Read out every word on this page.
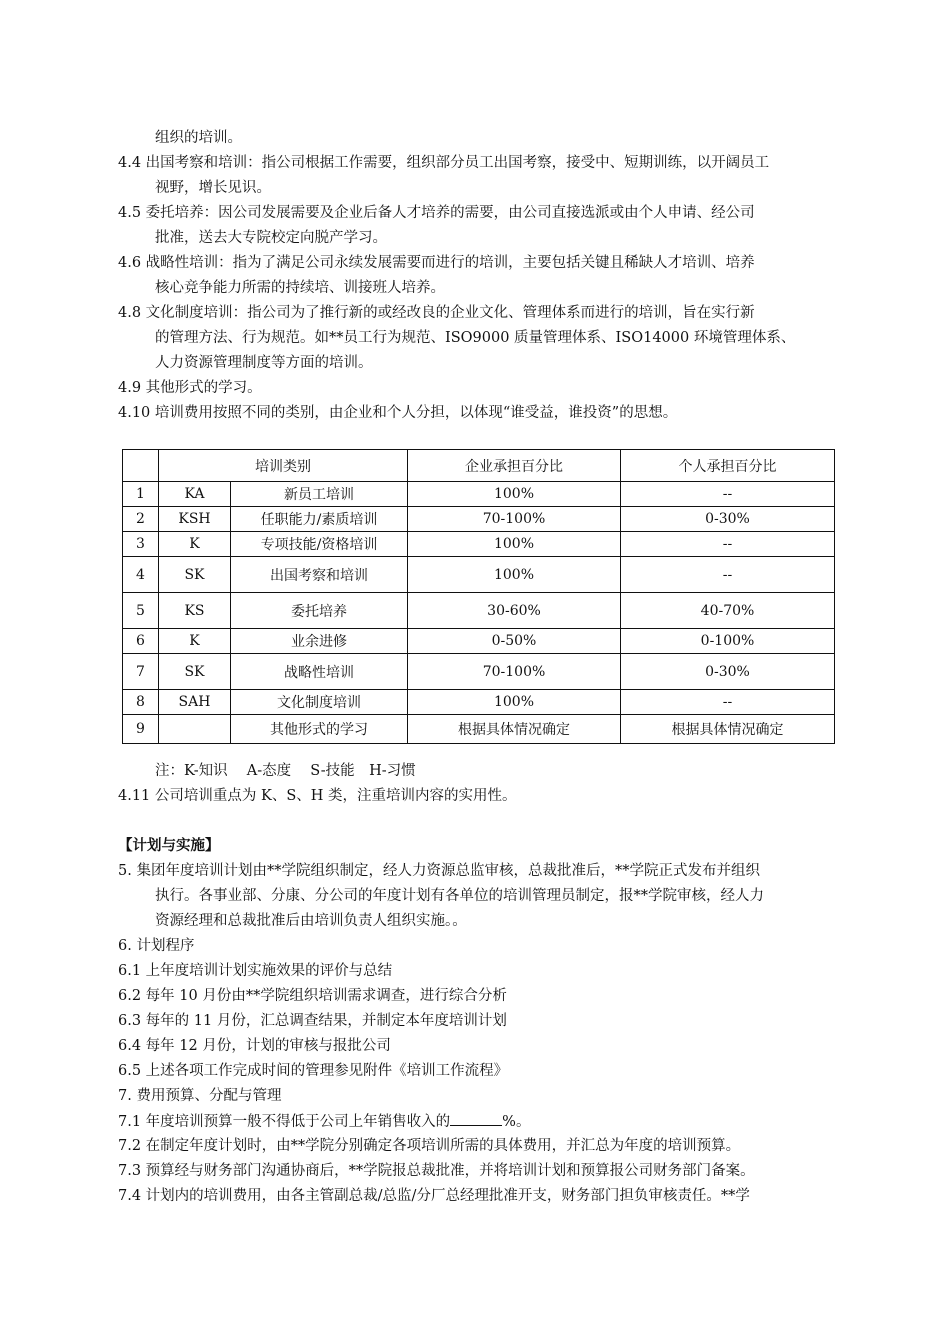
组织的培训。
4.4 出国考察和培训：指公司根据工作需要，组织部分员工出国考察，接受中、短期训练，以开阔员工
视野，增长见识。
4.5 委托培养：因公司发展需要及企业后备人才培养的需要，由公司直接选派或由个人申请、经公司
批准，送去大专院校定向脱产学习。
4.6 战略性培训：指为了满足公司永续发展需要而进行的培训，主要包括关键且稀缺人才培训、培养
核心竞争能力所需的持续培、训接班人培养。
4.8 文化制度培训：指公司为了推行新的或经改良的企业文化、管理体系而进行的培训，旨在实行新
的管理方法、行为规范。如**员工行为规范、ISO9000 质量管理体系、ISO14000 环境管理体系、
人力资源管理制度等方面的培训。
4.9 其他形式的学习。
4.10 培训费用按照不同的类别，由企业和个人分担，以体现“谁受益，谁投资”的思想。
	培训类别		企业承担百分比	个人承担百分比
1	KA	新员工培训	100%	--
2	KSH	任职能力/素质培训	70-100%	0-30%
3	K	专项技能/资格培训	100%	--
4	SK	出国考察和培训	100%	--
5	KS	委托培养	30-60%	40-70%
6	K	业余进修	0-50%	0-100%
7	SK	战略性培训	70-100%	0-30%
8	SAH	文化制度培训	100%	--
9		其他形式的学习	根据具体情况确定	根据具体情况确定
注：K-知识　 A-态度　 S-技能　H-习惯
4.11 公司培训重点为 K、S、H 类，注重培训内容的实用性。
【计划与实施】
5. 集团年度培训计划由**学院组织制定，经人力资源总监审核，总裁批准后，**学院正式发布并组织
执行。各事业部、分康、分公司的年度计划有各单位的培训管理员制定，报**学院审核，经人力
资源经理和总裁批准后由培训负责人组织实施。。
6. 计划程序
6.1 上年度培训计划实施效果的评价与总结
6.2 每年 10 月份由**学院组织培训需求调查，进行综合分析
6.3 每年的 11 月份，汇总调查结果，并制定本年度培训计划
6.4 每年 12 月份，计划的审核与报批公司
6.5 上述各项工作完成时间的管理参见附件《培训工作流程》
7. 费用预算、分配与管理
7.1 年度培训预算一般不得低于公司上年销售收入的	%。
7.2 在制定年度计划时，由**学院分别确定各项培训所需的具体费用，并汇总为年度的培训预算。
7.3 预算经与财务部门沟通协商后，**学院报总裁批准，并将培训计划和预算报公司财务部门备案。
7.4 计划内的培训费用，由各主管副总裁/总监/分厂总经理批准开支，财务部门担负审核责任。**学
